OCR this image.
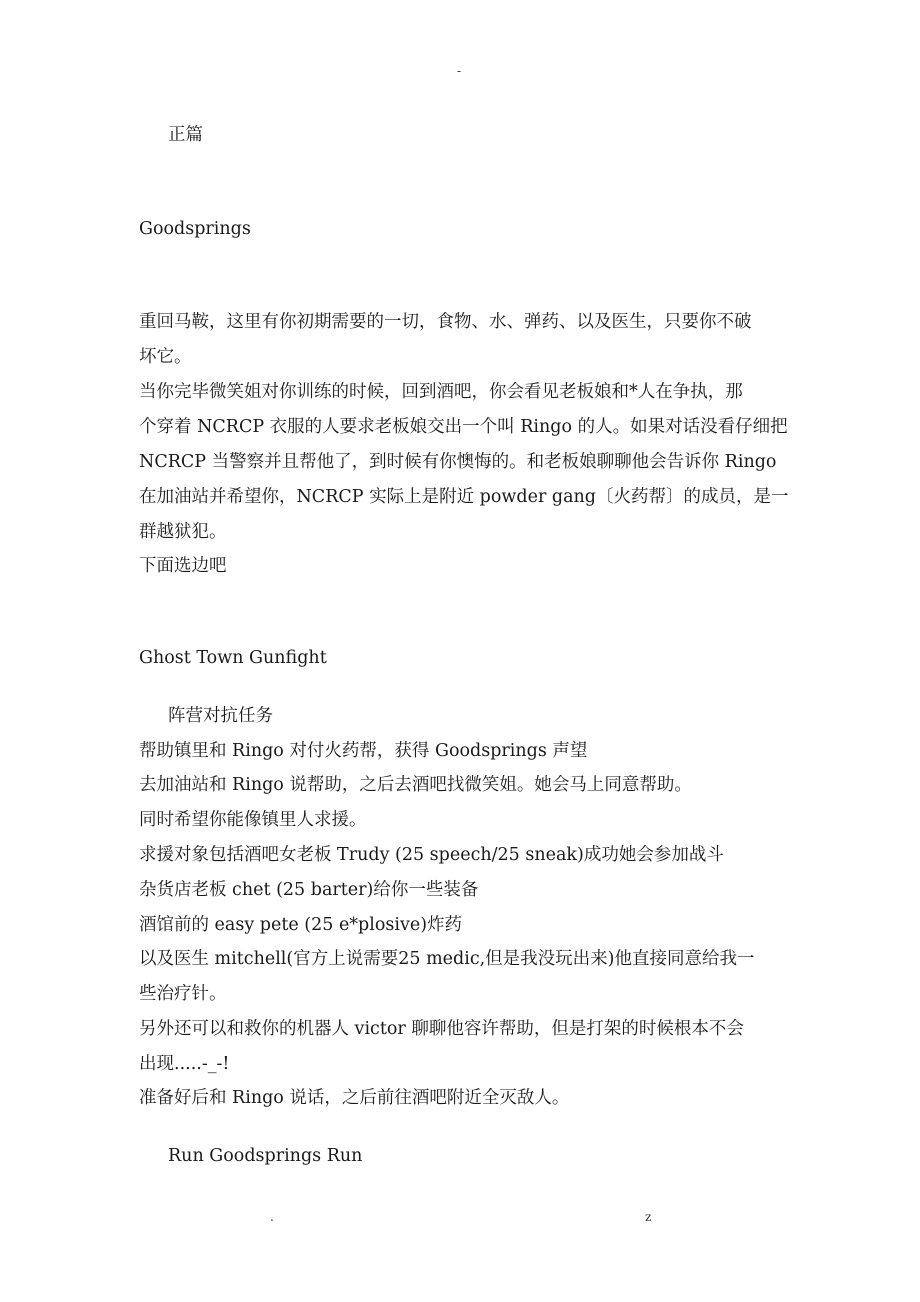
-
正篇
Goodsprings
重回马鞍，这里有你初期需要的一切，食物、水、弹药、以及医生，只要你不破
坏它。
当你完毕微笑姐对你训练的时候，回到酒吧，你会看见老板娘和*人在争执，那
个穿着 NCRCP 衣服的人要求老板娘交出一个叫 Ringo 的人。如果对话没看仔细把
NCRCP 当警察并且帮他了，到时候有你懊悔的。和老板娘聊聊他会告诉你 Ringo
在加油站并希望你，NCRCP 实际上是附近 powder gang〔火药帮〕的成员，是一
群越狱犯。
下面选边吧
Ghost Town Gunfight
阵营对抗任务
帮助镇里和 Ringo 对付火药帮，获得 Goodsprings 声望
去加油站和 Ringo 说帮助，之后去酒吧找微笑姐。她会马上同意帮助。
同时希望你能像镇里人求援。
求援对象包括酒吧女老板 Trudy (25 speech/25 sneak)成功她会参加战斗
杂货店老板 chet (25 barter)给你一些装备
酒馆前的 easy pete (25 e*plosive)炸药
以及医生 mitchell(官方上说需要25 medic,但是我没玩出来)他直接同意给我一
些治疗针。
另外还可以和救你的机器人 victor 聊聊他容许帮助，但是打架的时候根本不会
出现.....-_-!
准备好后和 Ringo 说话，之后前往酒吧附近全灭敌人。
Run Goodsprings Run
.	z
